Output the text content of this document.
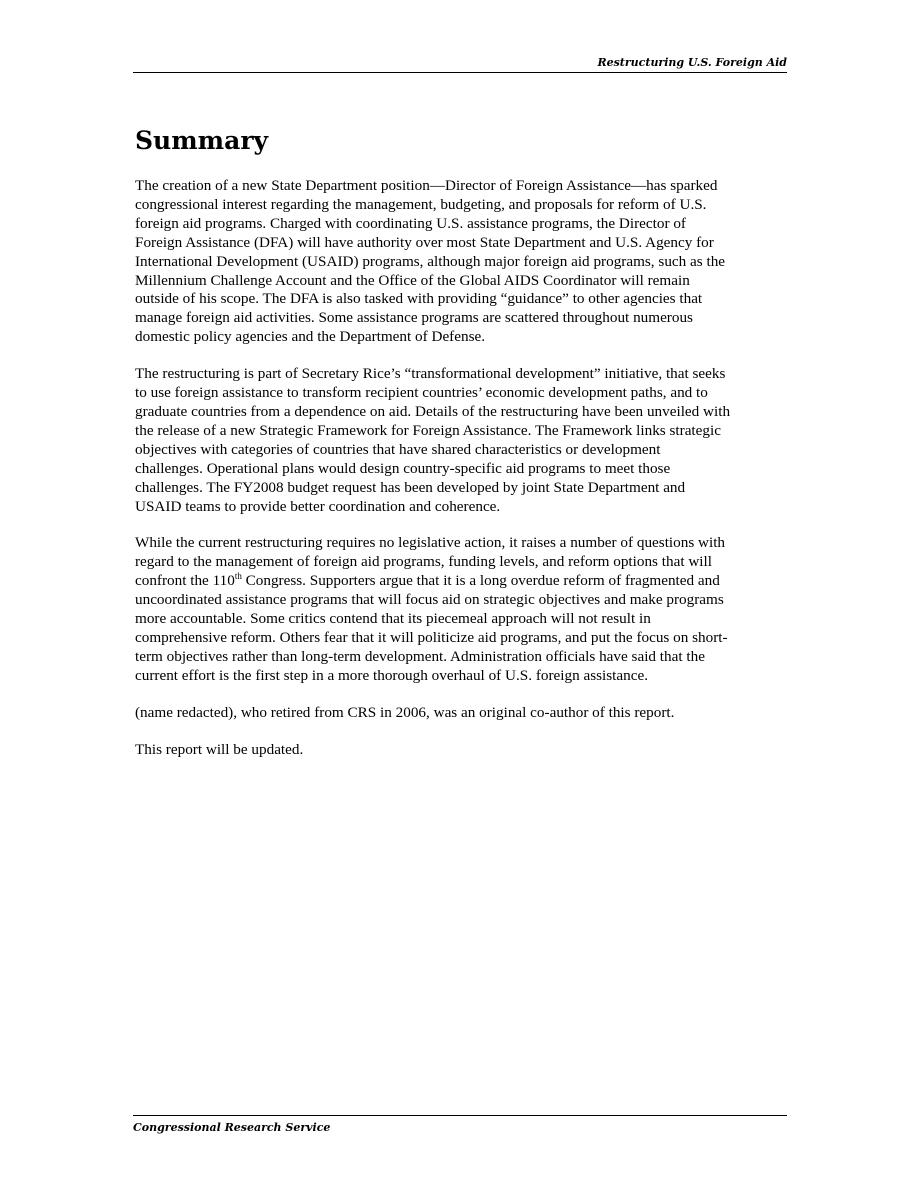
Restructuring U.S. Foreign Aid
Summary

The creation of a new State Department position—Director of Foreign Assistance—has sparked
congressional interest regarding the management, budgeting, and proposals for reform of U.S.
foreign aid programs. Charged with coordinating U.S. assistance programs, the Director of
Foreign Assistance (DFA) will have authority over most State Department and U.S. Agency for
International Development (USAID) programs, although major foreign aid programs, such as the
Millennium Challenge Account and the Office of the Global AIDS Coordinator will remain
outside of his scope. The DFA is also tasked with providing “guidance” to other agencies that
manage foreign aid activities. Some assistance programs are scattered throughout numerous
domestic policy agencies and the Department of Defense.

The restructuring is part of Secretary Rice’s “transformational development” initiative, that seeks
to use foreign assistance to transform recipient countries’ economic development paths, and to
graduate countries from a dependence on aid. Details of the restructuring have been unveiled with
the release of a new Strategic Framework for Foreign Assistance. The Framework links strategic
objectives with categories of countries that have shared characteristics or development
challenges. Operational plans would design country-specific aid programs to meet those
challenges. The FY2008 budget request has been developed by joint State Department and
USAID teams to provide better coordination and coherence.

While the current restructuring requires no legislative action, it raises a number of questions with
regard to the management of foreign aid programs, funding levels, and reform options that will
confront the 110th Congress. Supporters argue that it is a long overdue reform of fragmented and
uncoordinated assistance programs that will focus aid on strategic objectives and make programs
more accountable. Some critics contend that its piecemeal approach will not result in
comprehensive reform. Others fear that it will politicize aid programs, and put the focus on short-
term objectives rather than long-term development. Administration officials have said that the
current effort is the first step in a more thorough overhaul of U.S. foreign assistance.

(name redacted), who retired from CRS in 2006, was an original co-author of this report.

This report will be updated.

Congressional Research Service
